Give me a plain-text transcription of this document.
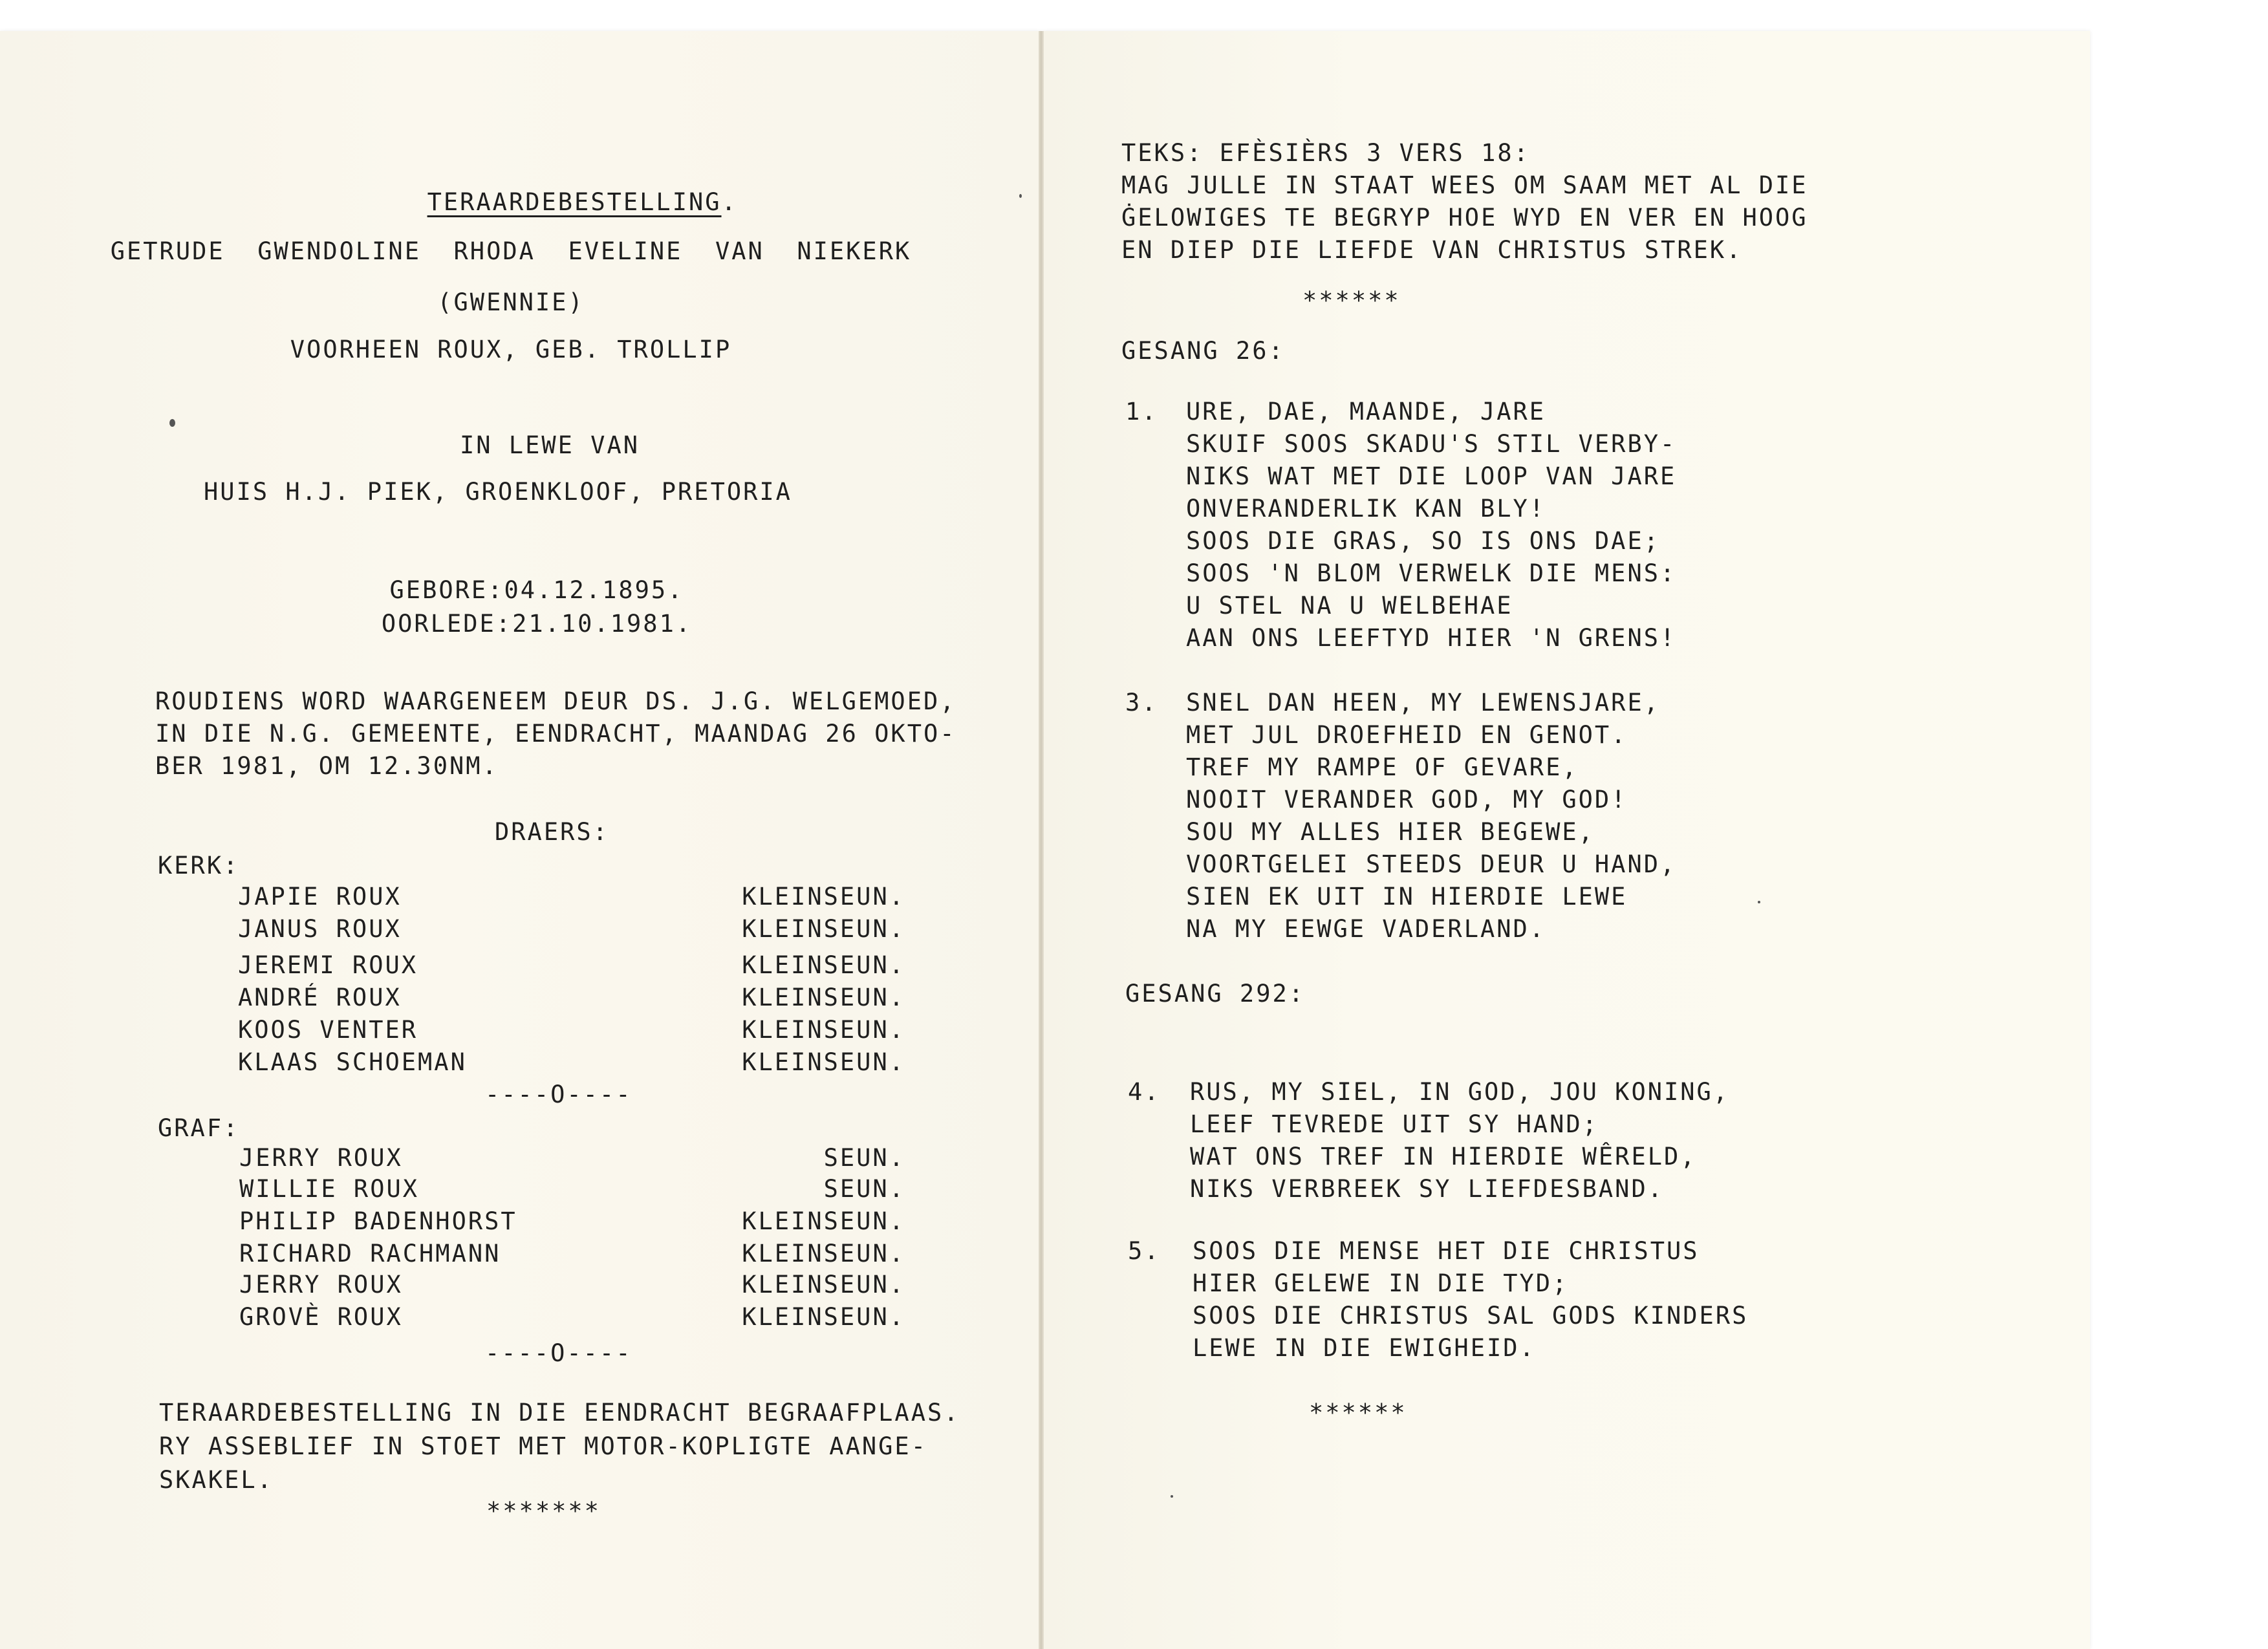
TERAARDEBESTELLING.

GETRUDE  GWENDOLINE  RHODA  EVELINE  VAN  NIEKERK
(GWENNIE)
VOORHEEN ROUX, GEB. TROLLIP
IN LEWE VAN
HUIS H.J. PIEK, GROENKLOOF, PRETORIA
GEBORE:04.12.1895.
OORLEDE:21.10.1981.
ROUDIENS WORD WAARGENEEM DEUR DS. J.G. WELGEMOED,
IN DIE N.G. GEMEENTE, EENDRACHT, MAANDAG 26 OKTO-
BER 1981, OM 12.30NM.
DRAERS:
KERK:
JAPIE ROUX	KLEINSEUN.
JANUS ROUX	KLEINSEUN.
JEREMI ROUX	KLEINSEUN.
ANDRÉ ROUX	KLEINSEUN.
KOOS VENTER	KLEINSEUN.
KLAAS SCHOEMAN	KLEINSEUN.
----O----
GRAF:
JERRY ROUX	SEUN.
WILLIE ROUX	SEUN.
PHILIP BADENHORST	KLEINSEUN.
RICHARD RACHMANN	KLEINSEUN.
JERRY ROUX	KLEINSEUN.
GROVÈ ROUX	KLEINSEUN.
----O----
TERAARDEBESTELLING IN DIE EENDRACHT BEGRAAFPLAAS.
RY ASSEBLIEF IN STOET MET MOTOR-KOPLIGTE AANGE-
SKAKEL.
*******
TEKS: EFÈSIÈRS 3 VERS 18:
MAG JULLE IN STAAT WEES OM SAAM MET AL DIE
ĠELOWIGES TE BEGRYP HOE WYD EN VER EN HOOG
EN DIEP DIE LIEFDE VAN CHRISTUS STREK.
******
GESANG 26:
1. URE, DAE, MAANDE, JARE
SKUIF SOOS SKADU'S STIL VERBY-
NIKS WAT MET DIE LOOP VAN JARE
ONVERANDERLIK KAN BLY!
SOOS DIE GRAS, SO IS ONS DAE;
SOOS 'N BLOM VERWELK DIE MENS:
U STEL NA U WELBEHAE
AAN ONS LEEFTYD HIER 'N GRENS!
3. SNEL DAN HEEN, MY LEWENSJARE,
MET JUL DROEFHEID EN GENOT.
TREF MY RAMPE OF GEVARE,
NOOIT VERANDER GOD, MY GOD!
SOU MY ALLES HIER BEGEWE,
VOORTGELEI STEEDS DEUR U HAND,
SIEN EK UIT IN HIERDIE LEWE
NA MY EEWGE VADERLAND.
GESANG 292:
4. RUS, MY SIEL, IN GOD, JOU KONING,
LEEF TEVREDE UIT SY HAND;
WAT ONS TREF IN HIERDIE WÊRELD,
NIKS VERBREEK SY LIEFDESBAND.
5. SOOS DIE MENSE HET DIE CHRISTUS
HIER GELEWE IN DIE TYD;
SOOS DIE CHRISTUS SAL GODS KINDERS
LEWE IN DIE EWIGHEID.
******
